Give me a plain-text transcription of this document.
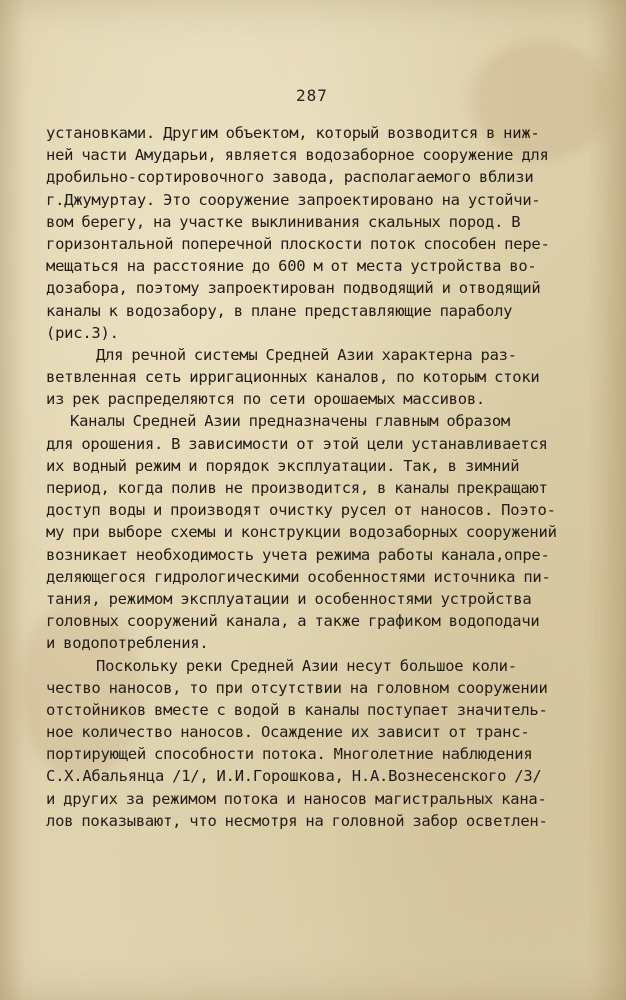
287
установками. Другим объектом, который возводится в ниж-
ней части Амударьи, является водозаборное сооружение для
дробильно-сортировочного завода, располагаемого вблизи
г.Джумуртау. Это сооружение запроектировано на устойчи-
вом берегу, на участке выклинивания скальных пород. В
горизонтальной поперечной плоскости поток способен пере-
мещаться на расстояние до 600 м от места устройства во-
дозабора, поэтому запроектирован подводящий и отводящий
каналы к водозабору, в плане представляющие параболу
(рис.3).
Для речной системы Средней Азии характерна раз-
ветвленная сеть ирригационных каналов, по которым стоки
из рек распределяются по сети орошаемых массивов.
Каналы Средней Азии предназначены главным образом
для орошения. В зависимости от этой цели устанавливается
их водный режим и порядок эксплуатации. Так, в зимний
период, когда полив не производится, в каналы прекращают
доступ воды и производят очистку русел от наносов. Поэто-
му при выборе схемы и конструкции водозаборных сооружений
возникает необходимость учета режима работы канала,опре-
деляющегося гидрологическими особенностями источника пи-
тания, режимом эксплуатации и особенностями устройства
головных сооружений канала, а также графиком водоподачи
и водопотребления.
Поскольку реки Средней Азии несут большое коли-
чество наносов, то при отсутствии на головном сооружении
отстойников вместе с водой в каналы поступает значитель-
ное количество наносов. Осаждение их зависит от транс-
портирующей способности потока. Многолетние наблюдения
С.Х.Абальянца /1/, И.И.Горошкова, Н.А.Вознесенского /3/
и других за режимом потока и наносов магистральных кана-
лов показывают, что несмотря на головной забор осветлен-
